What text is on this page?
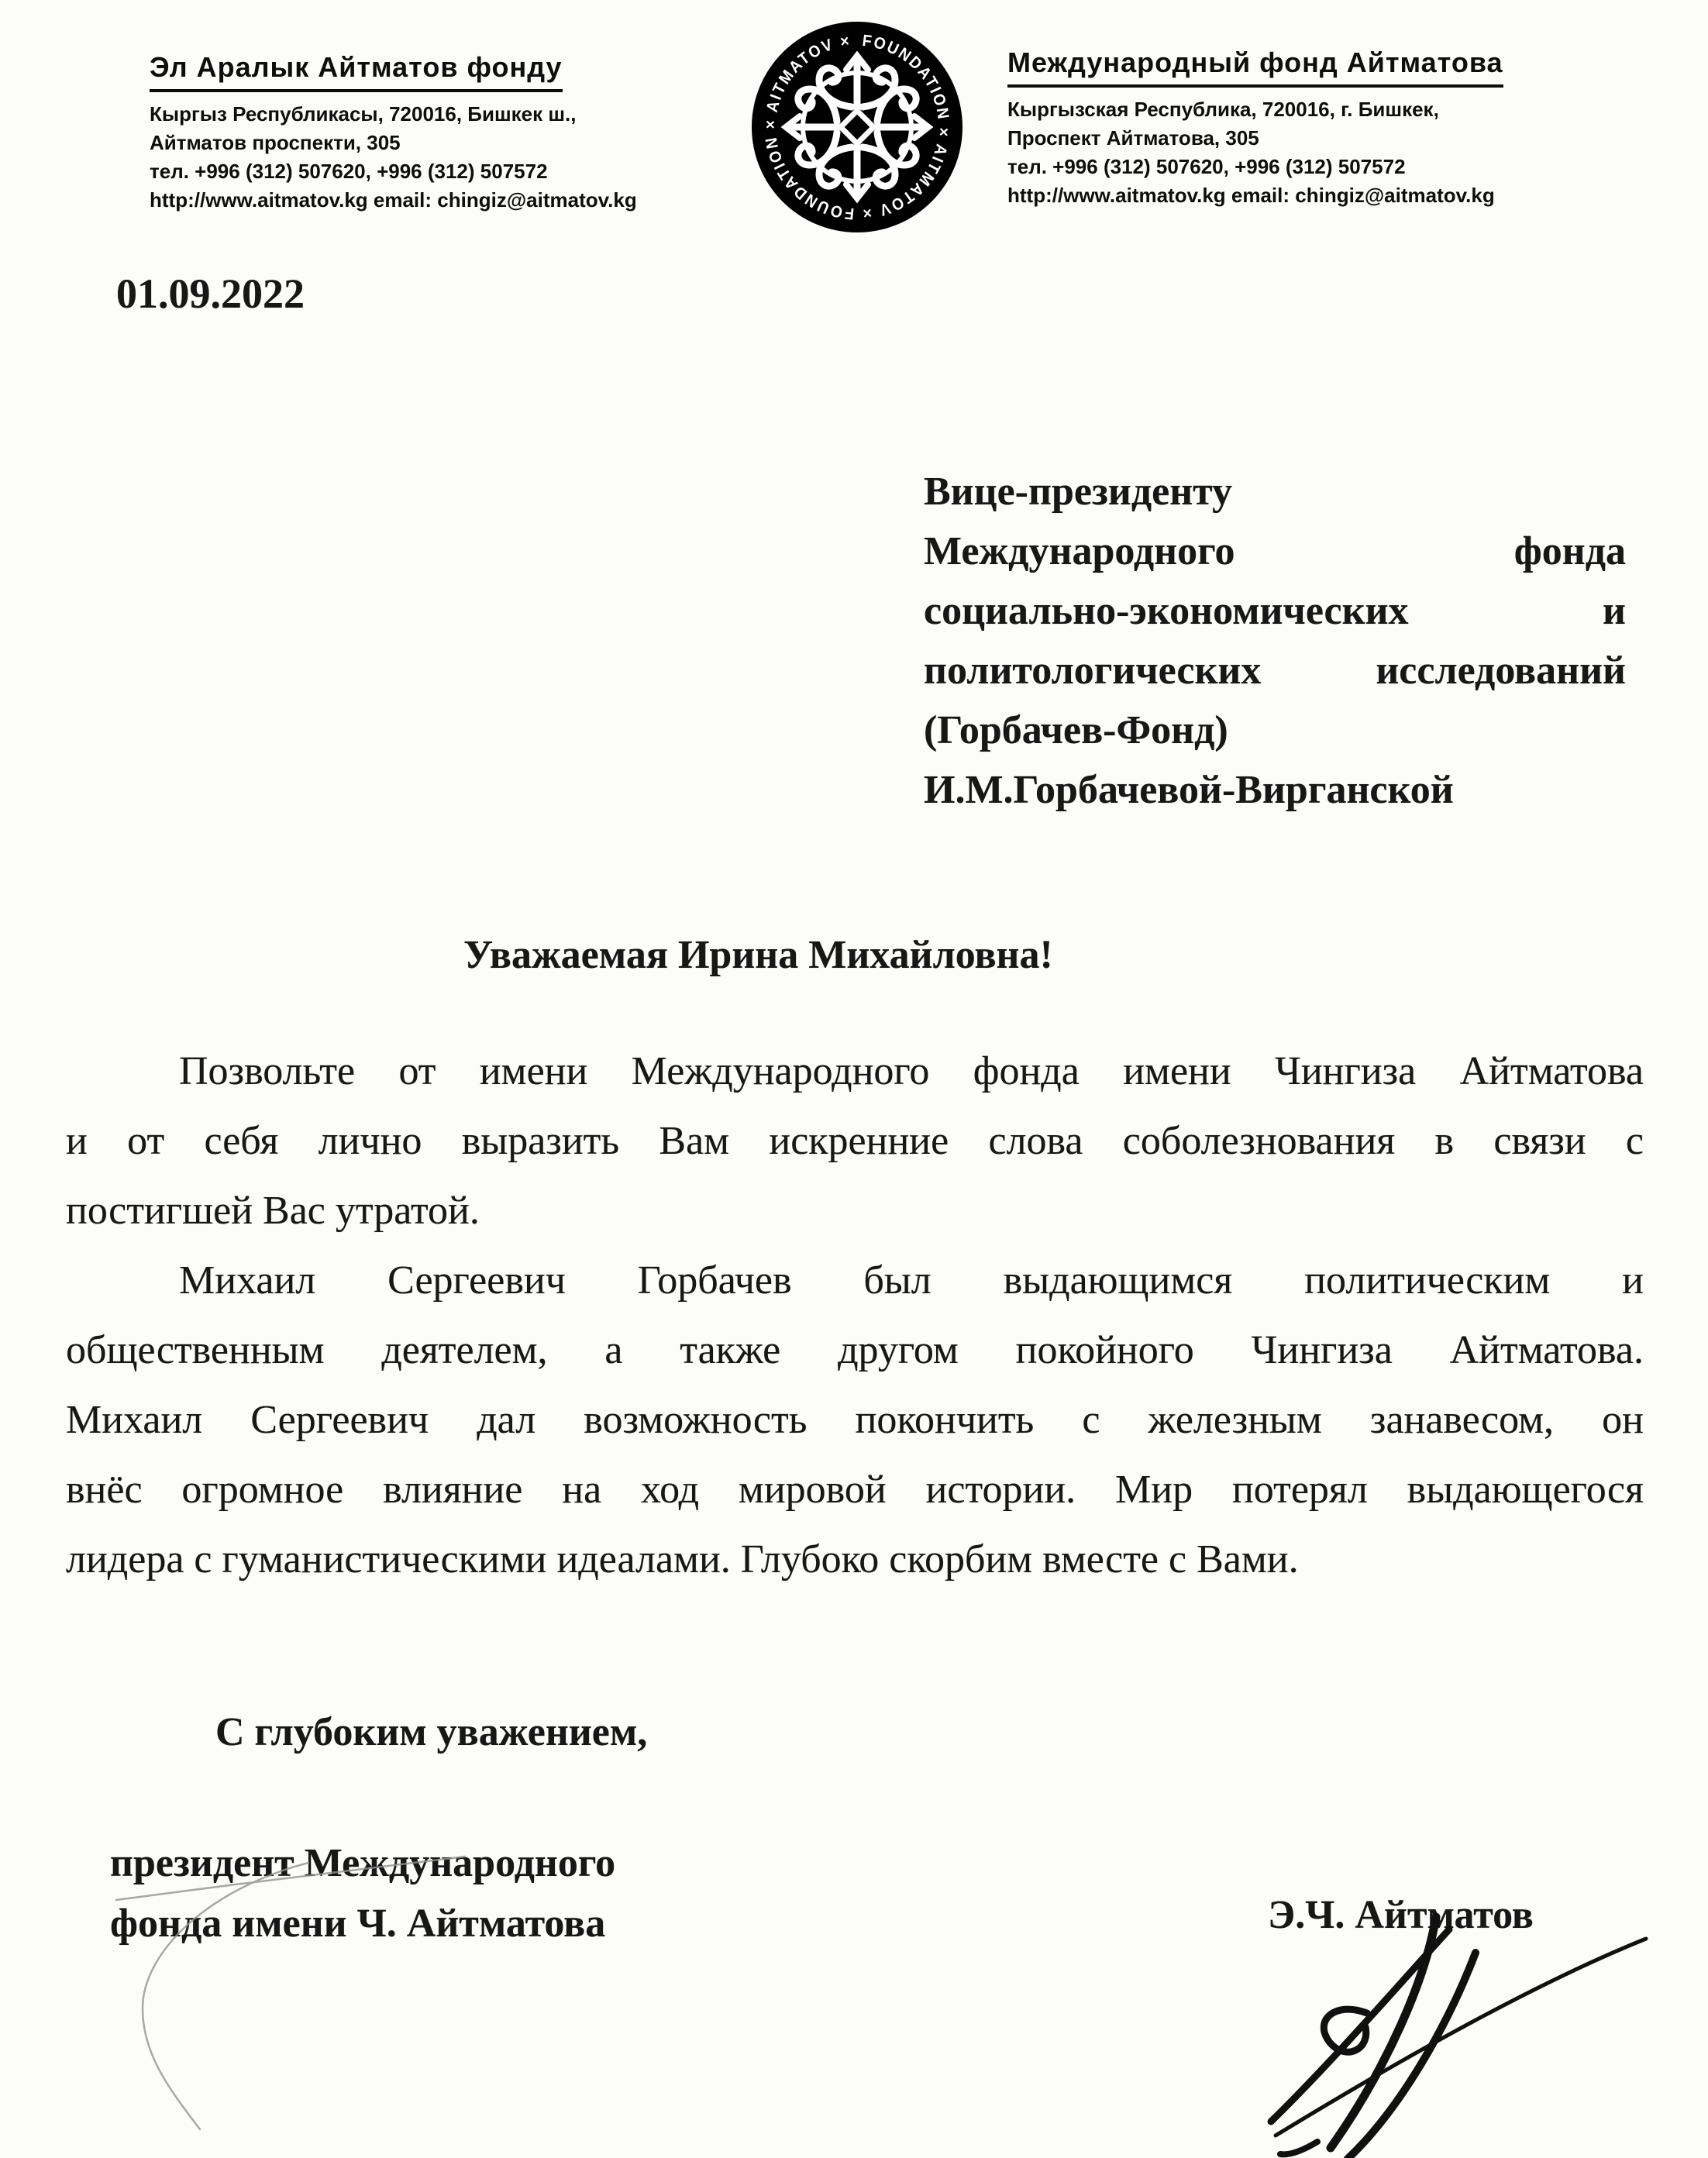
Эл Аралык Айтматов фонду
Кыргыз Республикасы, 720016, Бишкек ш.,
Айтматов проспекти, 305
тел. +996 (312) 507620, +996 (312) 507572
http://www.aitmatov.kg email: chingiz@aitmatov.kg
FOUNDATION × AITMATOV × FOUNDATION × AITMATOV ×
Международный фонд Айтматова
Кыргызская Республика, 720016, г. Бишкек,
Проспект Айтматова, 305
тел. +996 (312) 507620, +996 (312) 507572
http://www.aitmatov.kg email: chingiz@aitmatov.kg
01.09.2022
Вице-президенту
Международного фонда
социально-экономических и
политологических исследований
(Горбачев-Фонд)
И.М.Горбачевой-Вирганской
Уважаемая Ирина Михайловна!
Позвольте от имени Международного фонда имени Чингиза Айтматова
и от себя лично выразить Вам искренние слова соболезнования в связи с
постигшей Вас утратой.
Михаил Сергеевич Горбачев был выдающимся политическим и
общественным деятелем, а также другом покойного Чингиза Айтматова.
Михаил Сергеевич дал возможность покончить с железным занавесом, он
внёс огромное влияние на ход мировой истории. Мир потерял выдающегося
лидера с гуманистическими идеалами. Глубоко скорбим вместе с Вами.
С глубоким уважением,
президент Международного
фонда имени Ч. Айтматова	Э.Ч. Айтматов
